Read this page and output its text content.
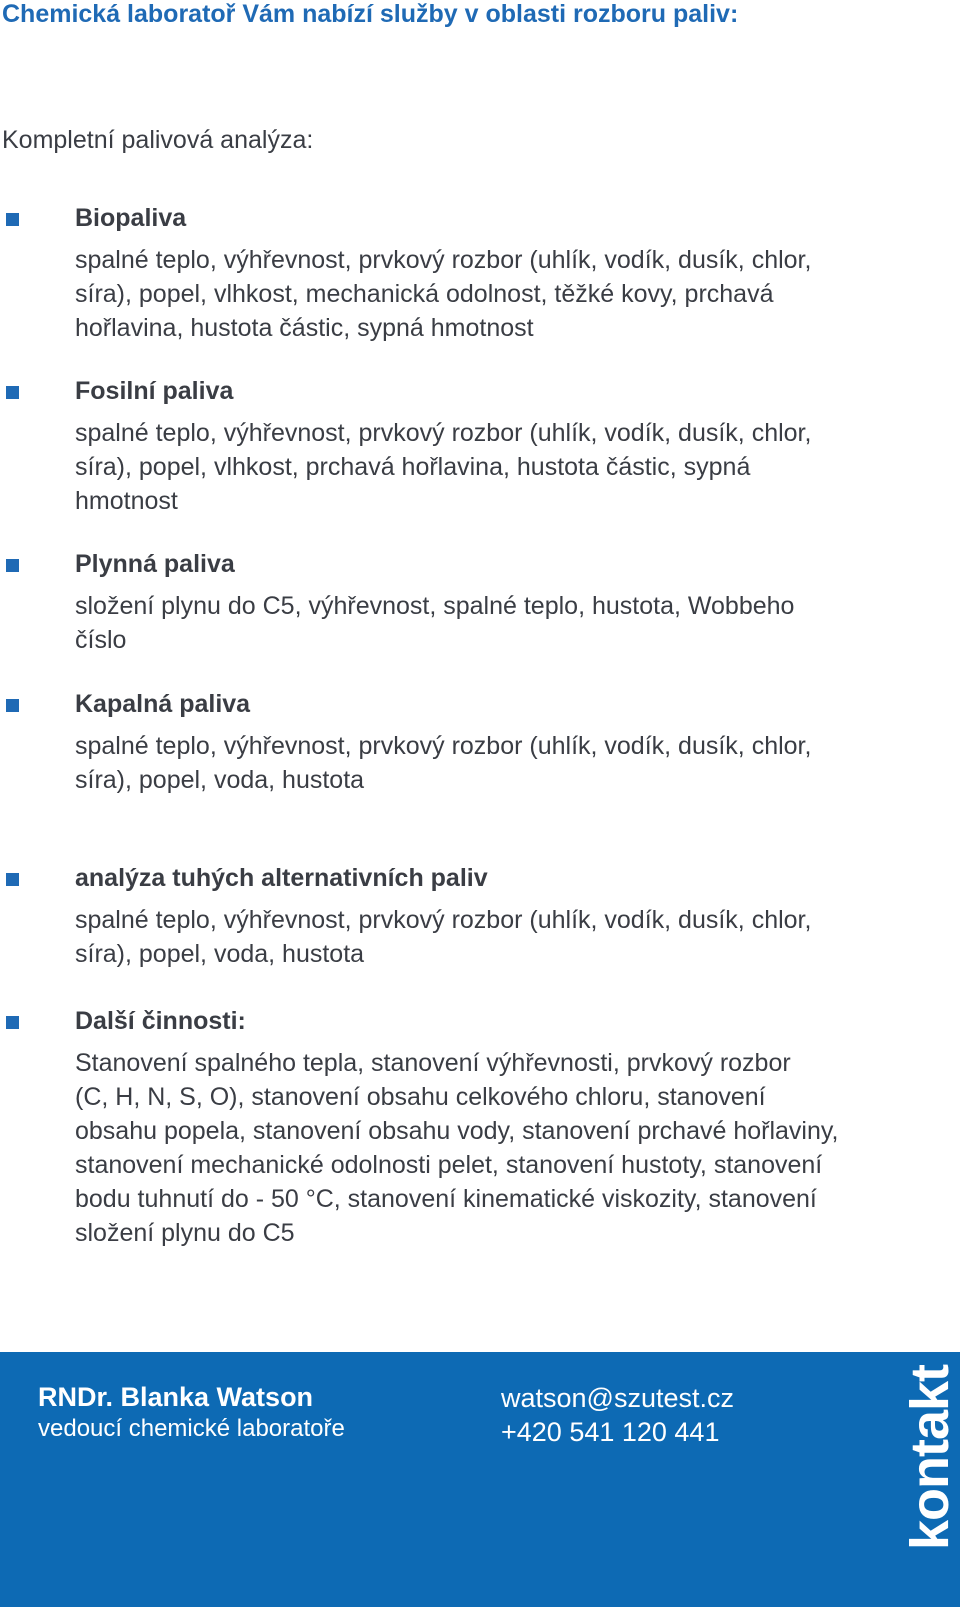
Chemická laboratoř Vám nabízí služby v oblasti rozboru paliv:
Kompletní palivová analýza:
Biopaliva
spalné teplo, výhřevnost, prvkový rozbor (uhlík, vodík, dusík, chlor,
síra), popel, vlhkost, mechanická odolnost, těžké kovy, prchavá
hořlavina, hustota částic, sypná hmotnost
Fosilní paliva
spalné teplo, výhřevnost, prvkový rozbor (uhlík, vodík, dusík, chlor,
síra), popel, vlhkost, prchavá hořlavina, hustota částic, sypná
hmotnost
Plynná paliva
složení plynu do C5, výhřevnost, spalné teplo, hustota, Wobbeho
číslo
Kapalná paliva
spalné teplo, výhřevnost, prvkový rozbor (uhlík, vodík, dusík, chlor,
síra), popel, voda, hustota
analýza tuhých alternativních paliv
spalné teplo, výhřevnost, prvkový rozbor (uhlík, vodík, dusík, chlor,
síra), popel, voda, hustota
Další činnosti:
Stanovení spalného tepla, stanovení výhřevnosti, prvkový rozbor
(C, H, N, S, O), stanovení obsahu celkového chloru, stanovení
obsahu popela, stanovení obsahu vody, stanovení prchavé hořlaviny,
stanovení mechanické odolnosti pelet, stanovení hustoty, stanovení
bodu tuhnutí do - 50 °C, stanovení kinematické viskozity, stanovení
složení plynu do C5
RNDr. Blanka Watson
vedoucí chemické laboratoře
watson@szutest.cz
+420 541 120 441	kontakt
